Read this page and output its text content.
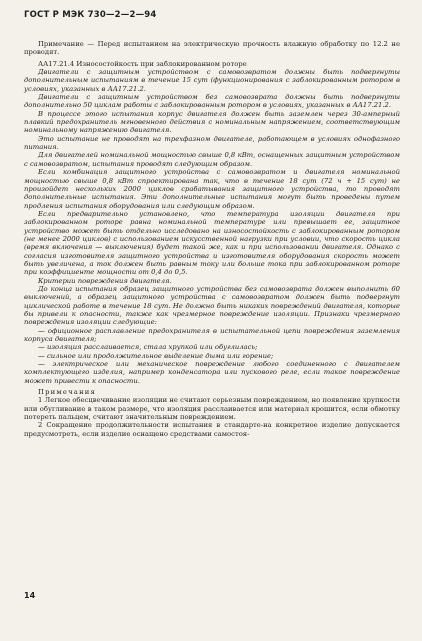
ГОСТ Р МЭК 730—2—2—94

Примечание — Перед испытанием на электрическую прочность влажную обработку по 12.2 не проводят.

АА17.21.4 Износостойкость при заблокированном роторе

Двигатели с защитным устройством с самовозвратом должны быть подвергнуты дополнительным испытаниям в течение 15 сут (функционирования с заблокированным ротором в условиях, указанных в АА17.21.2.

Двигатели с защитным устройством без самовозврата должны быть подвергнуты дополнительно 50 циклам работы с заблокированным ротором в условиях, указанных в АА17.21.2.

В процессе этого испытания корпус двигателя должен быть заземлен через 30-амперный плавкий предохранитель мгновенного действия с номинальным напряжением, соответствующим номинальному напряжению двигателя.

Это испытание не проводят на трехфазном двигателе, работающем в условиях однофазного питания.

Для двигателей номинальной мощностью свыше 0,8 кВт, оснащенных защитным устройством с самовозвратом, испытания проводят следующим образом.

Если комбинация защитного устройства с самовозвратом и двигателя номинальной мощностью свыше 0,8 кВт спроектирована так, что в течение 18 сут (72 ч + 15 сут) не произойдет нескольких 2000 циклов срабатывания защитного устройства, то проводят дополнительные испытания. Эти дополнительные испытания могут быть проведены путем продления испытания оборудования или следующим образом.

Если предварительно установлено, что температура изоляции двигателя при заблокированном роторе равна номинальной температуре или превышает ее, защитное устройство может быть отдельно исследовано на износостойкость с заблокированным ротором (не менее 2000 циклов) с использованием искусственной нагрузки при условии, что скорость цикла (время включения — выключения) будет такой же, как и при использовании двигателя. Однако с согласия изготовителя защитного устройства и изготовителя оборудования скорость может быть увеличена, а ток должен быть равным току или больше тока при заблокированном роторе при коэффициенте мощности от 0,4 до 0,5.

Критерии повреждения двигателя.

До конца испытания образец защитного устройства без самовозврата должен выполнить 60 выключений, а образец защитного устройства с самовозвратом должен быть подвергнут циклической работе в течение 18 сут. Не должно быть никаких повреждений двигателя, которые бы привели к опасности, также как чрезмерное повреждение изоляции. Признаки чрезмерного повреждения изоляции следующие:

— официонное расплавление предохранителя в испытательной цепи повреждения заземления корпуса двигателя;

— изоляция расслаивается, стала хрупкой или обуглилась;

— сильное или продолжительное выделение дыма или горение;

— электрическое или механическое повреждение любого соединенного с двигателем комплектующего изделия, например конденсатора или пускового реле, если такое повреждение может привести к опасности.

Примечания

1 Легкое обесцвечивание изоляции не считают серьезным повреждением, но появление хрупкости или обугливание в таком размере, что изоляция расслаивается или материал крошится, если обмотку потереть пальцем, считают значительным повреждением.

2 Сокращение продолжительности испытания в стандарте-на конкретное изделие допускается предусмотреть, если изделие оснащено средствами самостоя-

14
